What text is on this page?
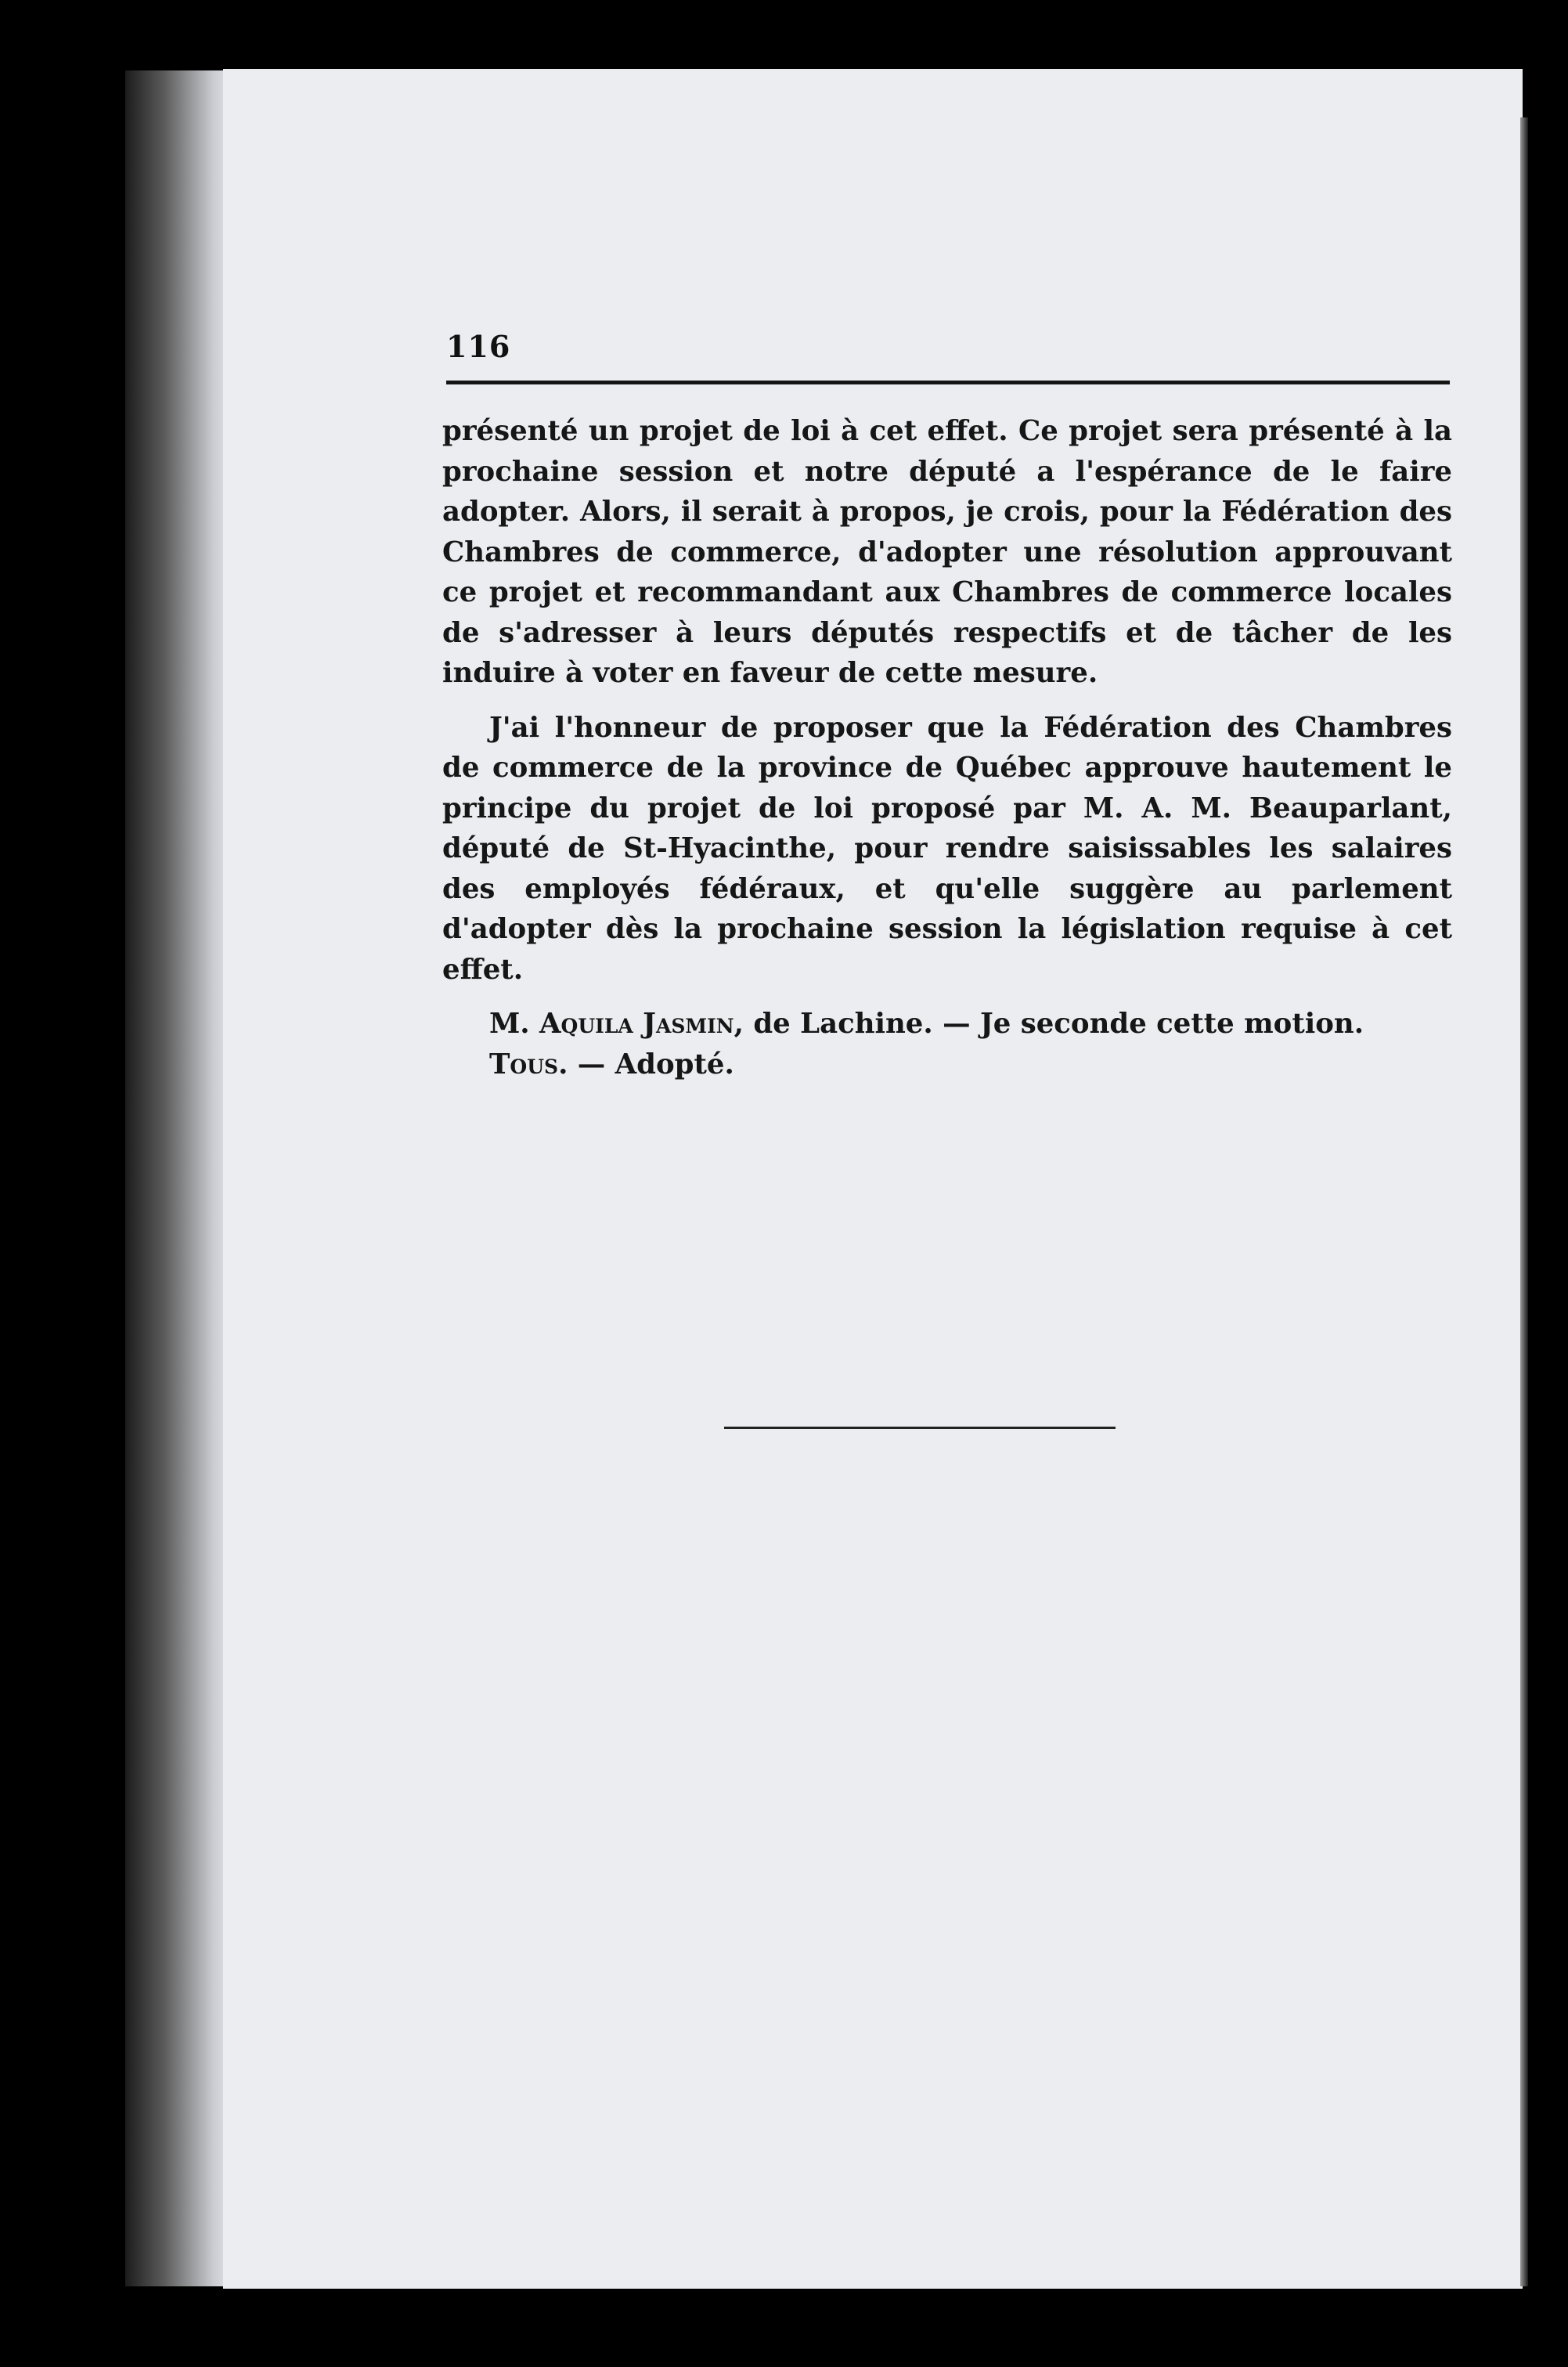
116

présenté un projet de loi à cet effet. Ce projet sera présenté à la prochaine session et notre député a l'espérance de le faire adopter. Alors, il serait à propos, je crois, pour la Fédération des Chambres de commerce, d'adopter une résolution approuvant ce projet et recommandant aux Chambres de commerce locales de s'adresser à leurs députés respectifs et de tâcher de les induire à voter en faveur de cette mesure.

J'ai l'honneur de proposer que la Fédération des Chambres de commerce de la province de Québec approuve hautement le principe du projet de loi proposé par M. A. M. Beauparlant, député de St-Hyacinthe, pour rendre saisissables les salaires des employés fédéraux, et qu'elle suggère au parlement d'adopter dès la prochaine session la législation requise à cet effet.

M. Aquila Jasmin, de Lachine. — Je seconde cette motion.

Tous. — Adopté.
